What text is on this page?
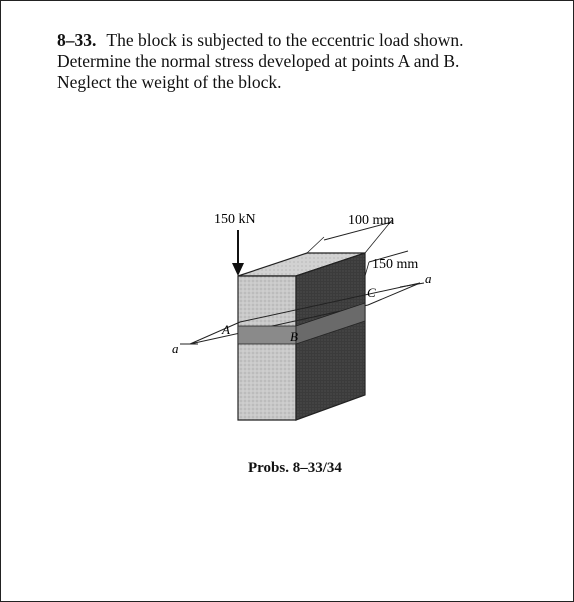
8–33. The block is subjected to the eccentric load shown.
Determine the normal stress developed at points A and B.
Neglect the weight of the block.
150 kN	100 mm
150 mm
A	B
C
a
a
Probs. 8–33/34
